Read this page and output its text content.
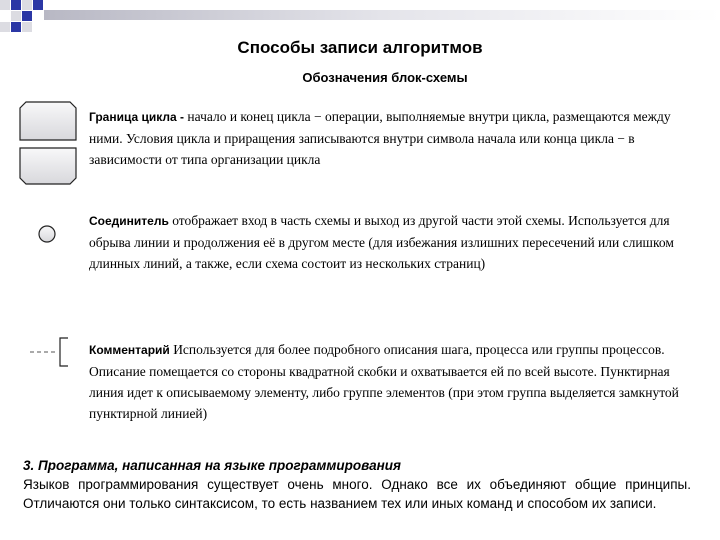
Способы записи алгоритмов
Обозначения блок-схемы
Граница цикла - начало и конец цикла − операции, выполняемые внутри цикла, размещаются между ними. Условия цикла и приращения записываются внутри символа начала или конца цикла − в зависимости от типа организации цикла
Соединитель отображает вход в часть схемы и выход из другой части этой схемы. Используется для обрыва линии и продолжения её в другом месте (для избежания излишних пересечений или слишком длинных линий, а также, если схема состоит из нескольких страниц)
Комментарий Используется для более подробного описания шага, процесса или группы процессов. Описание помещается со стороны квадратной скобки и охватывается ей по всей высоте. Пунктирная линия идет к описываемому элементу, либо группе элементов (при этом группа выделяется замкнутой пунктирной линией)
3. Программа, написанная на языке программирования
Языков программирования существует очень много. Однако все их объединяют общие принципы. Отличаются они только синтаксисом, то есть названием тех или иных команд и способом их записи.
